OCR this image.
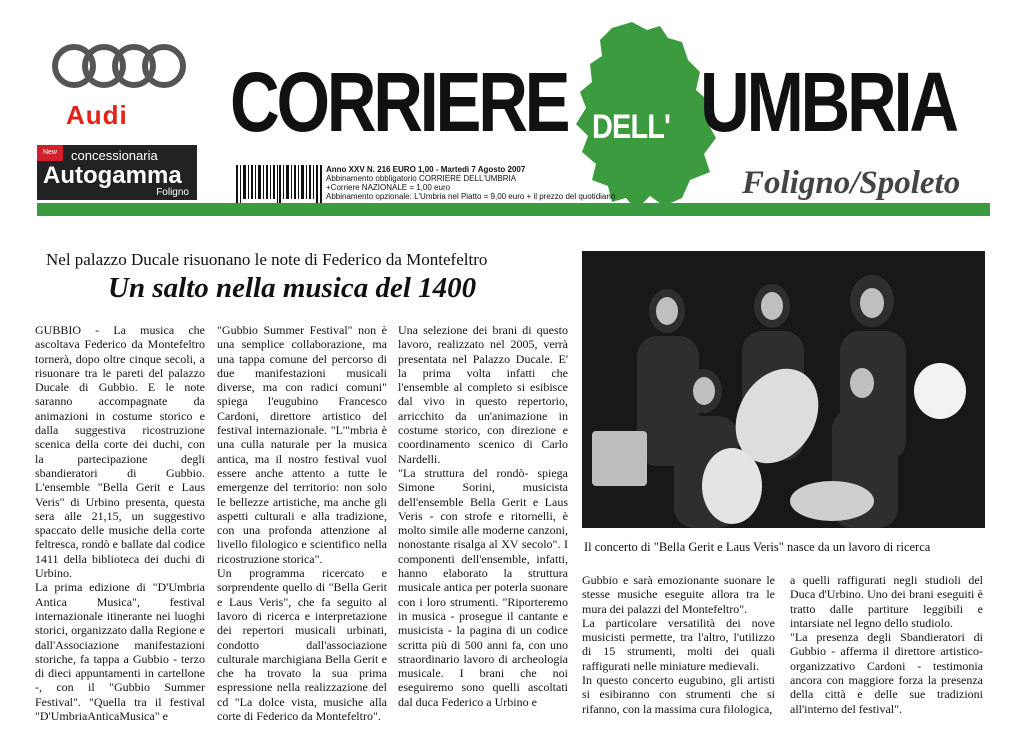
Audi
New	concessionaria
Autogamma
Foligno
CORRIERE DELL' UMBRIA
Foligno/Spoleto
Anno XXV N. 216 EURO 1,00 - Martedì 7 Agosto 2007
Abbinamento obbligatorio CORRIERE DELL'UMBRIA
+Corriere NAZIONALE = 1,00 euro
Abbinamento opzionale: L'Umbria nel Piatto = 9,00 euro + il prezzo del quotidiano
Nel palazzo Ducale risuonano le note di Federico da Montefeltro
Un salto nella musica del 1400

GUBBIO - La musica che ascoltava Federico da Montefeltro tornerà, dopo oltre cinque secoli, a risuonare tra le pareti del palazzo Ducale di Gubbio. E le note saranno accompagnate da animazioni in costume storico e dalla suggestiva ricostruzione scenica della corte dei duchi, con la partecipazione degli sbandieratori di Gubbio. L'ensemble "Bella Gerit e Laus Veris" di Urbino presenta, questa sera alle 21,15, un suggestivo spaccato delle musiche della corte feltresca, rondò e ballate dal codice 1411 della biblioteca dei duchi di Urbino.

La prima edizione di "D'Umbria Antica Musica", festival internazionale itinerante nei luoghi storici, organizzato dalla Regione e dall'Associazione manifestazioni storiche, fa tappa a Gubbio - terzo di dieci appuntamenti in cartellone -, con il "Gubbio Summer Festival". "Quella tra il festival "D'UmbriaAnticaMusica" e

"Gubbio Summer Festival" non è una semplice collaborazione, ma una tappa comune del percorso di due manifestazioni musicali diverse, ma con radici comuni" spiega l'eugubino Francesco Cardoni, direttore artistico del festival internazionale. "L'"mbria è una culla naturale per la musica antica, ma il nostro festival vuol essere anche attento a tutte le emergenze del territorio: non solo le bellezze artistiche, ma anche gli aspetti culturali e alla tradizione, con una profonda attenzione al livello filologico e scientifico nella ricostruzione storica".

Un programma ricercato e sorprendente quello di "Bella Gerit e Laus Veris", che fa seguito al lavoro di ricerca e interpretazione dei repertori musicali urbinati, condotto dall'associazione culturale marchigiana Bella Gerit e che ha trovato la sua prima espressione nella realizzazione del cd "La dolce vista, musiche alla corte di Federico da Montefeltro".

Una selezione dei brani di questo lavoro, realizzato nel 2005, verrà presentata nel Palazzo Ducale. E' la prima volta infatti che l'ensemble al completo si esibisce dal vivo in questo repertorio, arricchito da un'animazione in costume storico, con direzione e coordinamento scenico di Carlo Nardelli.

"La struttura del rondò- spiega Simone Sorini, musicista dell'ensemble Bella Gerit e Laus Veris - con strofe e ritornelli, è molto simile alle moderne canzoni, nonostante risalga al XV secolo". I componenti dell'ensemble, infatti, hanno elaborato la struttura musicale antica per poterla suonare con i loro strumenti. "Riporteremo in musica - prosegue il cantante e musicista - la pagina di un codice scritta più di 500 anni fa, con uno straordinario lavoro di archeologia musicale. I brani che noi eseguiremo sono quelli ascoltati dal duca Federico a Urbino e

Il concerto di "Bella Gerit e Laus Veris" nasce da un lavoro di ricerca

Gubbio e sarà emozionante suonare le stesse musiche eseguite allora tra le mura dei palazzi del Montefeltro".

La particolare versatilità dei nove musicisti permette, tra l'altro, l'utilizzo di 15 strumenti, molti dei quali raffigurati nelle miniature medievali.

In questo concerto eugubino, gli artisti si esibiranno con strumenti che si rifanno, con la massima cura filologica,

a quelli raffigurati negli studioli del Duca d'Urbino. Uno dei brani eseguiti è tratto dalle partiture leggibili e intarsiate nel legno dello studiolo.

"La presenza degli Sbandieratori di Gubbio - afferma il direttore artistico-organizzativo Cardoni - testimonia ancora con maggiore forza la presenza della città e delle sue tradizioni all'interno del festival".
